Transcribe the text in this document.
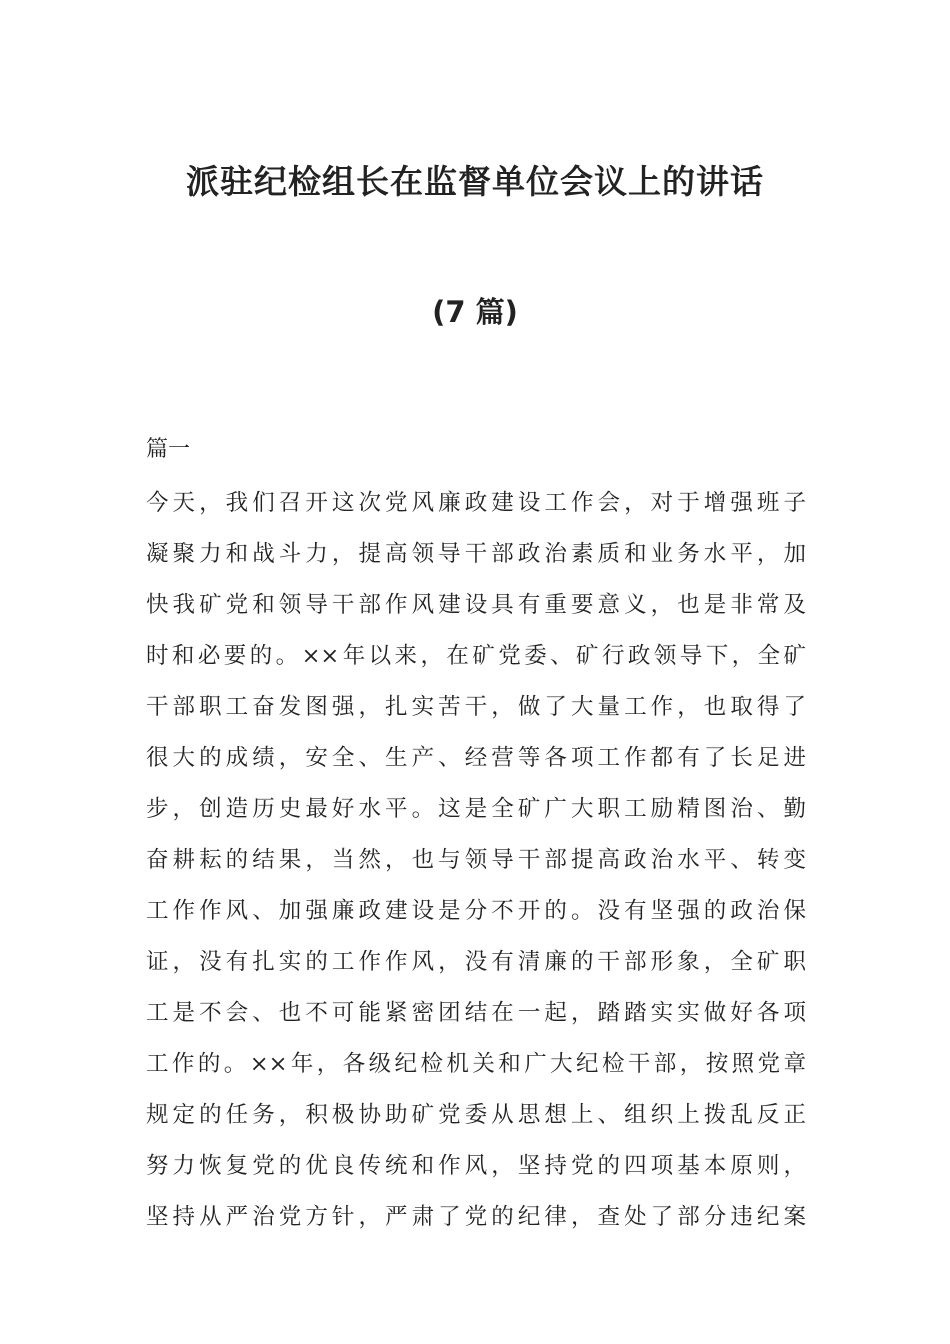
派驻纪检组长在监督单位会议上的讲话
(7 篇)

篇一

今天，我们召开这次党风廉政建设工作会，对于增强班子
凝聚力和战斗力，提高领导干部政治素质和业务水平，加
快我矿党和领导干部作风建设具有重要意义，也是非常及
时和必要的。××年以来，在矿党委、矿行政领导下，全矿
干部职工奋发图强，扎实苦干，做了大量工作，也取得了
很大的成绩，安全、生产、经营等各项工作都有了长足进
步，创造历史最好水平。这是全矿广大职工励精图治、勤
奋耕耘的结果，当然，也与领导干部提高政治水平、转变
工作作风、加强廉政建设是分不开的。没有坚强的政治保
证，没有扎实的工作作风，没有清廉的干部形象，全矿职
工是不会、也不可能紧密团结在一起，踏踏实实做好各项
工作的。××年，各级纪检机关和广大纪检干部，按照党章
规定的任务，积极协助矿党委从思想上、组织上拨乱反正
努力恢复党的优良传统和作风，坚持党的四项基本原则，
坚持从严治党方针，严肃了党的纪律，查处了部分违纪案
